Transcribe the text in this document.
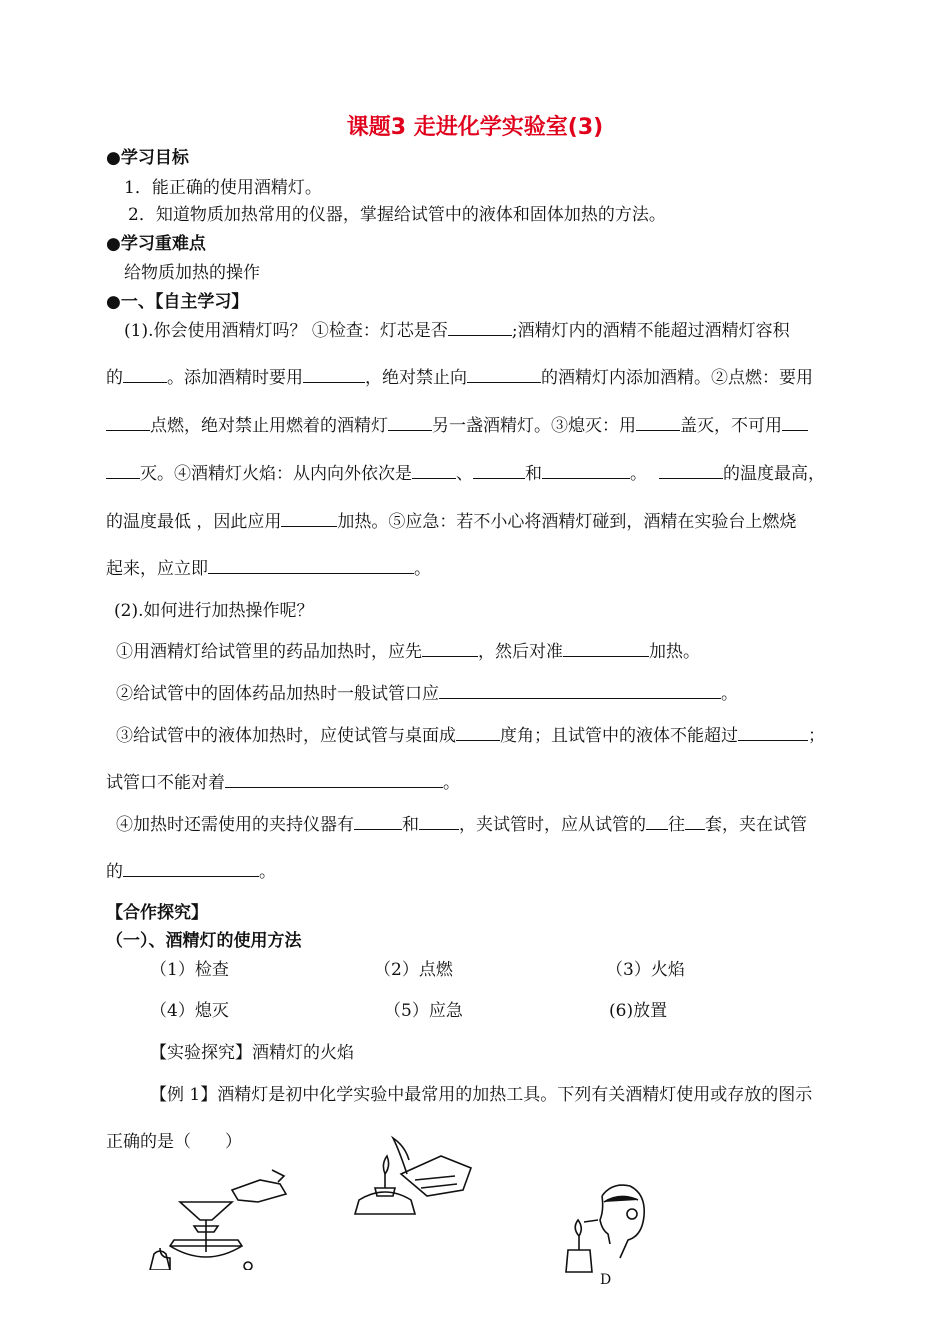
课题3 走进化学实验室(3)
● 学习目标
1．能正确的使用酒精灯。
2．知道物质加热常用的仪器，掌握给试管中的液体和固体加热的方法。
● 学习重难点
给物质加热的操作
● 一、【自主学习】
(1).你会使用酒精灯吗？ ①检查：灯芯是否	;酒精灯内的酒精不能超过酒精灯容积
的	。添加酒精时要用	，绝对禁止向	的酒精灯内添加酒精。②点燃：要用
点燃，绝对禁止用燃着的酒精灯	另一盏酒精灯。③熄灭：用	盖灭，不可用
灭。④酒精灯火焰：从内向外依次是	、	和	。	的温度最高，
的温度最低 ，因此应用	加热。⑤应急：若不小心将酒精灯碰到，酒精在实验台上燃烧
起来，应立即	。
(2).如何进行加热操作呢？
①用酒精灯给试管里的药品加热时，应先	，然后对准	加热。
②给试管中的固体药品加热时一般试管口应	。
③给试管中的液体加热时，应使试管与桌面成	度角；且试管中的液体不能超过	；
试管口不能对着	。
④加热时还需使用的夹持仪器有	和 ，夹试管时，应从试管的 往 套，夹在试管
的	。
【合作探究】
（一）、酒精灯的使用方法
（1）检查	（2）点燃	（3）火焰
（4）熄灭	（5）应急	(6)放置
【实验探究】酒精灯的火焰
【例 1】酒精灯是初中化学实验中最常用的加热工具。下列有关酒精灯使用或存放的图示
正确的是（　　）
D
